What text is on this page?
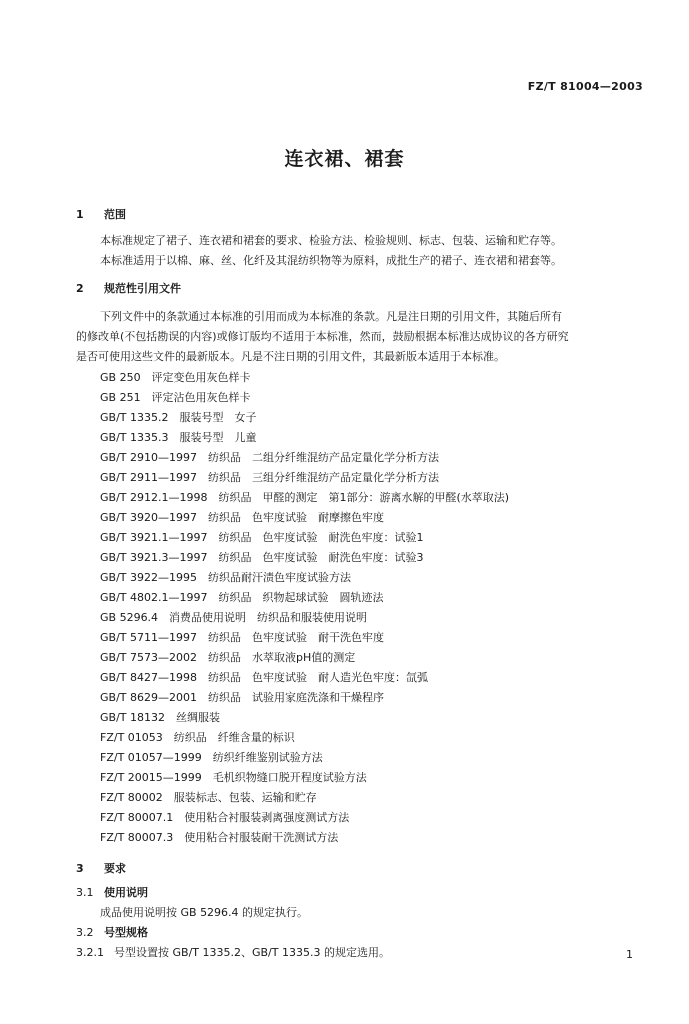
FZ/T 81004—2003
连衣裙、裙套
1 范围
本标准规定了裙子、连衣裙和裙套的要求、检验方法、检验规则、标志、包装、运输和贮存等。
本标准适用于以棉、麻、丝、化纤及其混纺织物等为原料，成批生产的裙子、连衣裙和裙套等。
2 规范性引用文件
下列文件中的条款通过本标准的引用而成为本标准的条款。凡是注日期的引用文件，其随后所有
的修改单(不包括勘误的内容)或修订版均不适用于本标准，然而，鼓励根据本标准达成协议的各方研究
是否可使用这些文件的最新版本。凡是不注日期的引用文件，其最新版本适用于本标准。
GB 250　评定变色用灰色样卡
GB 251　评定沾色用灰色样卡
GB/T 1335.2　服装号型　女子
GB/T 1335.3　服装号型　儿童
GB/T 2910—1997　纺织品　二组分纤维混纺产品定量化学分析方法
GB/T 2911—1997　纺织品　三组分纤维混纺产品定量化学分析方法
GB/T 2912.1—1998　纺织品　甲醛的测定　第1部分：游离水解的甲醛(水萃取法)
GB/T 3920—1997　纺织品　色牢度试验　耐摩擦色牢度
GB/T 3921.1—1997　纺织品　色牢度试验　耐洗色牢度：试验1
GB/T 3921.3—1997　纺织品　色牢度试验　耐洗色牢度：试验3
GB/T 3922—1995　纺织品耐汗渍色牢度试验方法
GB/T 4802.1—1997　纺织品　织物起球试验　圆轨迹法
GB 5296.4　消费品使用说明　纺织品和服装使用说明
GB/T 5711—1997　纺织品　色牢度试验　耐干洗色牢度
GB/T 7573—2002　纺织品　水萃取液pH值的测定
GB/T 8427—1998　纺织品　色牢度试验　耐人造光色牢度：氙弧
GB/T 8629—2001　纺织品　试验用家庭洗涤和干燥程序
GB/T 18132　丝绸服装
FZ/T 01053　纺织品　纤维含量的标识
FZ/T 01057—1999　纺织纤维鉴别试验方法
FZ/T 20015—1999　毛机织物缝口脱开程度试验方法
FZ/T 80002　服装标志、包装、运输和贮存
FZ/T 80007.1　使用粘合衬服装剥离强度测试方法
FZ/T 80007.3　使用粘合衬服装耐干洗测试方法
3 要求
3.1 使用说明
成品使用说明按 GB 5296.4 的规定执行。
3.2 号型规格
3.2.1 号型设置按 GB/T 1335.2、GB/T 1335.3 的规定选用。	1
